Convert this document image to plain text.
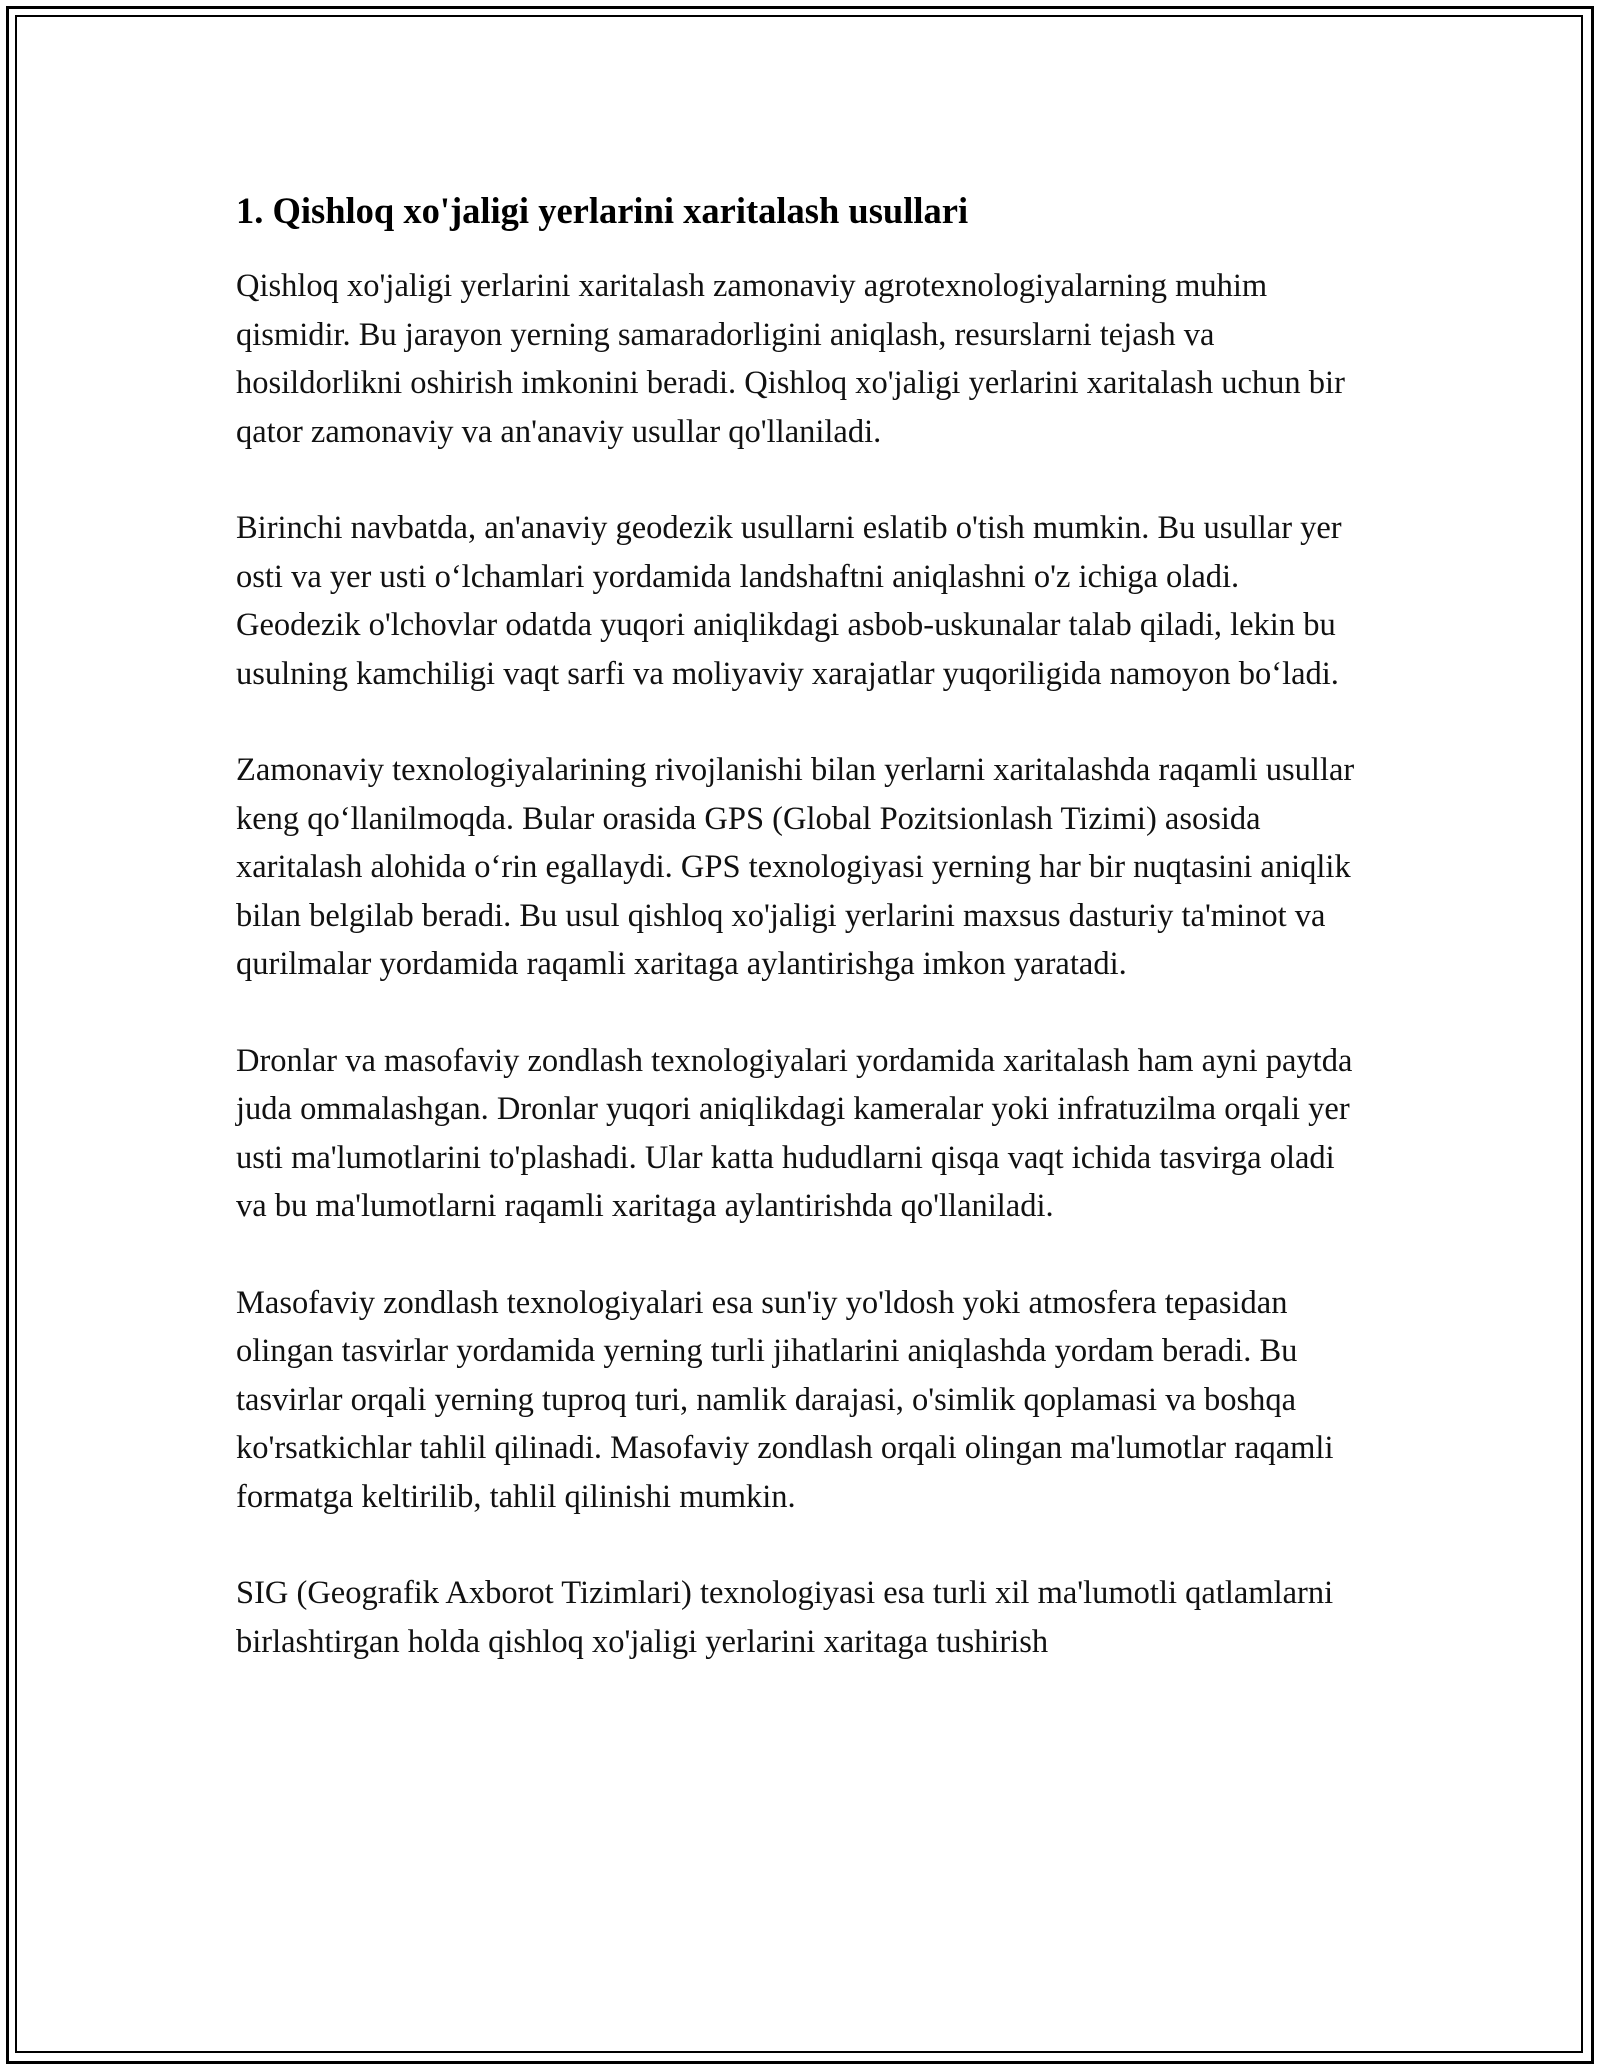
1. Qishloq xo'jaligi yerlarini xaritalash usullari

Qishloq xo'jaligi yerlarini xaritalash zamonaviy agrotexnologiyalarning muhim qismidir. Bu jarayon yerning samaradorligini aniqlash, resurslarni tejash va hosildorlikni oshirish imkonini beradi. Qishloq xo'jaligi yerlarini xaritalash uchun bir qator zamonaviy va an'anaviy usullar qo'llaniladi.

Birinchi navbatda, an'anaviy geodezik usullarni eslatib o'tish mumkin. Bu usullar yer osti va yer usti oʻlchamlari yordamida landshaftni aniqlashni o'z ichiga oladi. Geodezik o'lchovlar odatda yuqori aniqlikdagi asbob-uskunalar talab qiladi, lekin bu usulning kamchiligi vaqt sarfi va moliyaviy xarajatlar yuqoriligida namoyon boʻladi.

Zamonaviy texnologiyalarining rivojlanishi bilan yerlarni xaritalashda raqamli usullar keng qoʻllanilmoqda. Bular orasida GPS (Global Pozitsionlash Tizimi) asosida xaritalash alohida oʻrin egallaydi. GPS texnologiyasi yerning har bir nuqtasini aniqlik bilan belgilab beradi. Bu usul qishloq xo'jaligi yerlarini maxsus dasturiy ta'minot va qurilmalar yordamida raqamli xaritaga aylantirishga imkon yaratadi.

Dronlar va masofaviy zondlash texnologiyalari yordamida xaritalash ham ayni paytda juda ommalashgan. Dronlar yuqori aniqlikdagi kameralar yoki infratuzilma orqali yer usti ma'lumotlarini to'plashadi. Ular katta hududlarni qisqa vaqt ichida tasvirga oladi va bu ma'lumotlarni raqamli xaritaga aylantirishda qo'llaniladi.

Masofaviy zondlash texnologiyalari esa sun'iy yo'ldosh yoki atmosfera tepasidan olingan tasvirlar yordamida yerning turli jihatlarini aniqlashda yordam beradi. Bu tasvirlar orqali yerning tuproq turi, namlik darajasi, o'simlik qoplamasi va boshqa ko'rsatkichlar tahlil qilinadi. Masofaviy zondlash orqali olingan ma'lumotlar raqamli formatga keltirilib, tahlil qilinishi mumkin.

SIG (Geografik Axborot Tizimlari) texnologiyasi esa turli xil ma'lumotli qatlamlarni birlashtirgan holda qishloq xo'jaligi yerlarini xaritaga tushirish
